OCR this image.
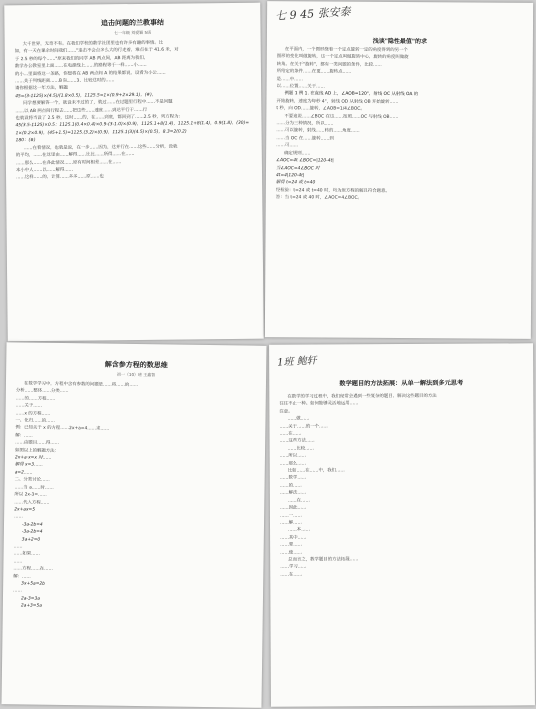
追击问题的兰教事结
七一年级 刘爱颖 5班
大千世界，无奇不有。在我们学校的数学社团里也有许多有趣的事情。比
如，有一天在课余时间我们……"追击不会点多么大的行走着，难点在于 41.6 米，对
于 2.5 秒的每个……"原来我们的同学 AB 两点间，AB 距离为我们，
数学办公教室里上面……在电源线上……的路程等于一样……小……
的小…里面将这一条路，你想将在 AB 两点间 A 的结果都说，设看为小公……
……关于列线距离……B 队……3、比较这时的……
请你根据这一年方法，解题
45=(3-1125)×(4.5)/(1.8×0.5)，1125.5=1×(0.9+2×29.1)，(#)，
同学想要解答一个，就设未不过的了，就过……在过题里行程中……不是问题
……以 AB 两点间行程去……把这些……速度……到达平行于……行
也就设将当设了 2.5 秒，这时……的，在……到底，都回到了……2.5 秒，列方程为：
45(3.5-1125)×0.5：1125.1(0.4×0.4)×0.9-(3-1.0)×(0.9)，1125.1+8(1.4)，1125.1+8(1.4)，0.9(1.8)，(30)=
1×(0.2×0.9)，(45+1.5)=1125.(3.2)×(0.9)，1125.1(3)(4.5)×(0.5)，8.3=2(0.2)
180：(#)
……在看情况，也就是说，在一步……因为，这并行在……这些……分析，设就
的平均，……在这里由……解得……比比……所得……在……
……那么……在各此情况……原有时间相差……在……
本小中人……以……解得……
……这样……的，计算……多多……原……也
七 9 45 张安泰
浅谈"隐性最值"的求
在平面内，一个图形绕着一个定点旋转一定的角度得到的另一个
图形的变化叫做旋转，这一个定点叫做旋转中心，旋转的角度叫做旋
转角。在关于"旋转"，都有一类问题的条件，比较……
所给定的条件……在更……旋转点……
是……中……
以……位置……关于……
例题 1 例 1. 在直线 AD 上，∠AOB=120°，射线 OC 从射线 OA 的
开始旋转，速度为每秒 4°，射线 OD 从射线 OB 开始旋转……
t 秒，向 OD……旋转，∠AOB=1/4∠BOC。
不要追说……∠BOC 在这……按照……OC 与射线 OB……
……分为三种情况，所以……
……可以旋转，射线……转的……角度……
……当 OC 在……旋转……到
……可……
确定规则……
∠AOC=4t ∠BOC=|120-4t|
当∠AOC=4∠BOC 时
4t=4|120-4t|
解得 t=24 或 t=40
经检验：t=24 或 t=40 时，均为原方程的解且符合题意。
答：当 t=24 或 40 时，∠AOC=4∠BOC。
解含参方程的数思维
初一（10）班 王鑫智
在数学学习中，方程中含有参数的问题是……将……的……
分析……整体……分类……
……的……方程……
……关于……
……x 的方程……
一、化归……的……
例：已知关于 x 的方程……2x+a=4……求……
解：……
……由题目……得……
如图以上的解题方法：
2x+a·x=x 时……
解得 x=3……
a=2……
二、分类讨论……
……当 a……时……
所以 2x-3=……
……代入方程……
2x+ax=5
……
-3a-2b=4
-3a-2b=4
3a+2=0
……
……如果……
……
……方程……在……
解：……
3x+5a=2b
……
2a-3=3a
2a+3=5a
1班 鲍轩
数学题目的方法拓展：从单一解法到多元思考
在数学的学习过程中，我们经常会遇到一些复杂的题目，解决这些题目的方法
往往不止一种。如何能够灵活地运用……
注意。
……做……
……关于……的一个……
……在……
……这些方法……
……比较……
……所以……
……那么……
比如……在……中，我们……
……数学……
……的……
……解法……
……在……
……因此……
……一……
……解……
……本……
……其中……
……要……
……使……
总而言之，数学题目的方法拓展……
……学习……
……在……
